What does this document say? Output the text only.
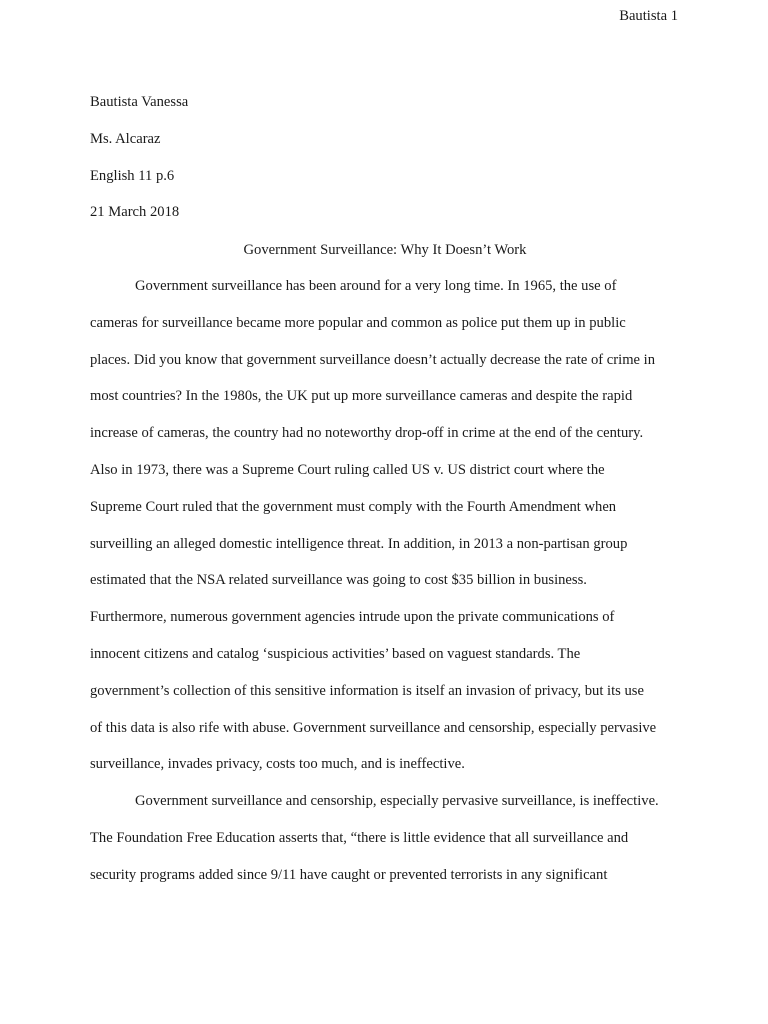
Bautista 1
Bautista Vanessa
Ms. Alcaraz
English 11 p.6
21 March 2018
Government Surveillance: Why It Doesn’t Work
Government surveillance has been around for a very long time. In 1965, the use of
cameras for surveillance became more popular and common as police put them up in public
places. Did you know that government surveillance doesn’t actually decrease the rate of crime in
most countries? In the 1980s, the UK put up more surveillance cameras and despite the rapid
increase of cameras, the country had no noteworthy drop-off in crime at the end of the century.
Also in 1973, there was a Supreme Court ruling called US v. US district court where the
Supreme Court ruled that the government must comply with the Fourth Amendment when
surveilling an alleged domestic intelligence threat. In addition, in 2013 a non-partisan group
estimated that the NSA related surveillance was going to cost $35 billion in business.
Furthermore, numerous government agencies intrude upon the private communications of
innocent citizens and catalog ‘suspicious activities’ based on vaguest standards. The
government’s collection of this sensitive information is itself an invasion of privacy, but its use
of this data is also rife with abuse. Government surveillance and censorship, especially pervasive
surveillance, invades privacy, costs too much, and is ineffective.
Government surveillance and censorship, especially pervasive surveillance, is ineffective.
The Foundation Free Education asserts that, “there is little evidence that all surveillance and
security programs added since 9/11 have caught or prevented terrorists in any significant
